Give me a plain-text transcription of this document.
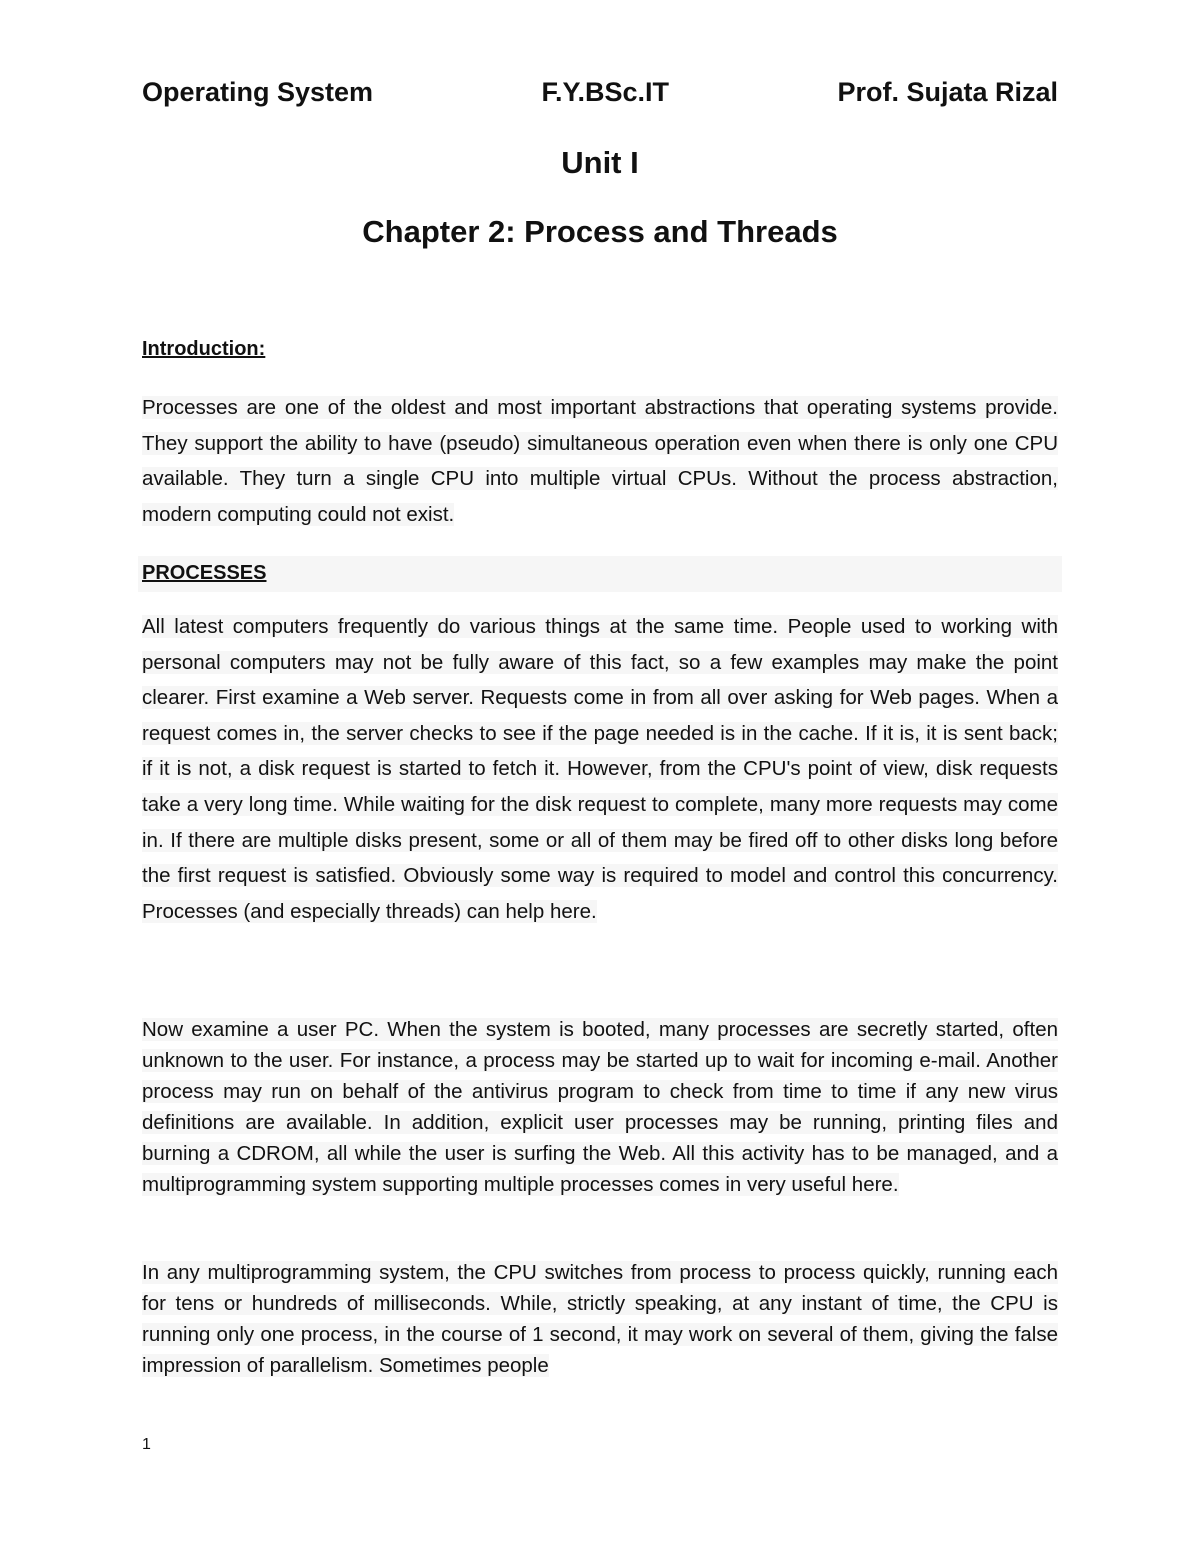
Operating System	F.Y.BSc.IT	Prof. Sujata Rizal
Unit I
Chapter 2: Process and Threads
Introduction:

Processes are one of the oldest and most important abstractions that operating systems provide. They support the ability to have (pseudo) simultaneous operation even when there is only one CPU available. They turn a single CPU into multiple virtual CPUs. Without the process abstraction, modern computing could not exist.

PROCESSES

All latest computers frequently do various things at the same time. People used to working with personal computers may not be fully aware of this fact, so a few examples may make the point clearer. First examine a Web server. Requests come in from all over asking for Web pages. When a request comes in, the server checks to see if the page needed is in the cache. If it is, it is sent back; if it is not, a disk request is started to fetch it. However, from the CPU's point of view, disk requests take a very long time. While waiting for the disk request to complete, many more requests may come in. If there are multiple disks present, some or all of them may be fired off to other disks long before the first request is satisfied. Obviously some way is required to model and control this concurrency. Processes (and especially threads) can help here.

Now examine a user PC. When the system is booted, many processes are secretly started, often unknown to the user. For instance, a process may be started up to wait for incoming e-mail. Another process may run on behalf of the antivirus program to check from time to time if any new virus definitions are available. In addition, explicit user processes may be running, printing files and burning a CDROM, all while the user is surfing the Web. All this activity has to be managed, and a multiprogramming system supporting multiple processes comes in very useful here.

In any multiprogramming system, the CPU switches from process to process quickly, running each for tens or hundreds of milliseconds. While, strictly speaking, at any instant of time, the CPU is running only one process, in the course of 1 second, it may work on several of them, giving the false impression of parallelism. Sometimes people

1
